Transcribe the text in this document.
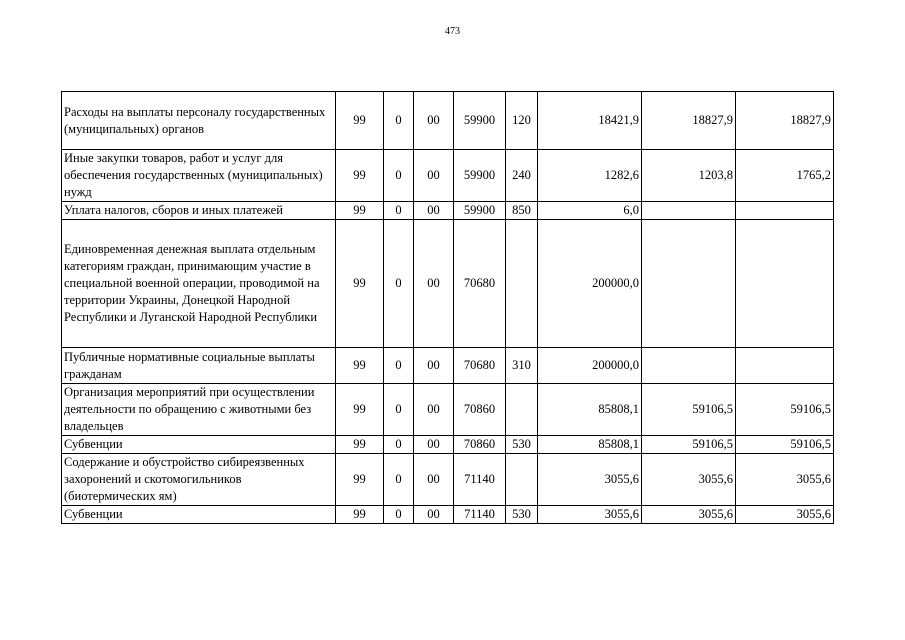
473
Расходы на выплаты персоналу государственных (муниципальных) органов	99	0	00	59900	120	18421,9	18827,9	18827,9
Иные закупки товаров, работ и услуг для обеспечения государственных (муниципальных) нужд	99	0	00	59900	240	1282,6	1203,8	1765,2
Уплата налогов, сборов и иных платежей	99	0	00	59900	850	6,0		
Единовременная денежная выплата отдельным категориям граждан, принимающим участие в специальной военной операции, проводимой на территории Украины, Донецкой Народной Республики и Луганской Народной Республики	99	0	00	70680		200000,0		
Публичные нормативные социальные выплаты гражданам	99	0	00	70680	310	200000,0		
Организация мероприятий при осуществлении деятельности по обращению с животными без владельцев	99	0	00	70860		85808,1	59106,5	59106,5
Субвенции	99	0	00	70860	530	85808,1	59106,5	59106,5
Содержание и обустройство сибиреязвенных захоронений и скотомогильников (биотермических ям)	99	0	00	71140		3055,6	3055,6	3055,6
Субвенции	99	0	00	71140	530	3055,6	3055,6	3055,6
